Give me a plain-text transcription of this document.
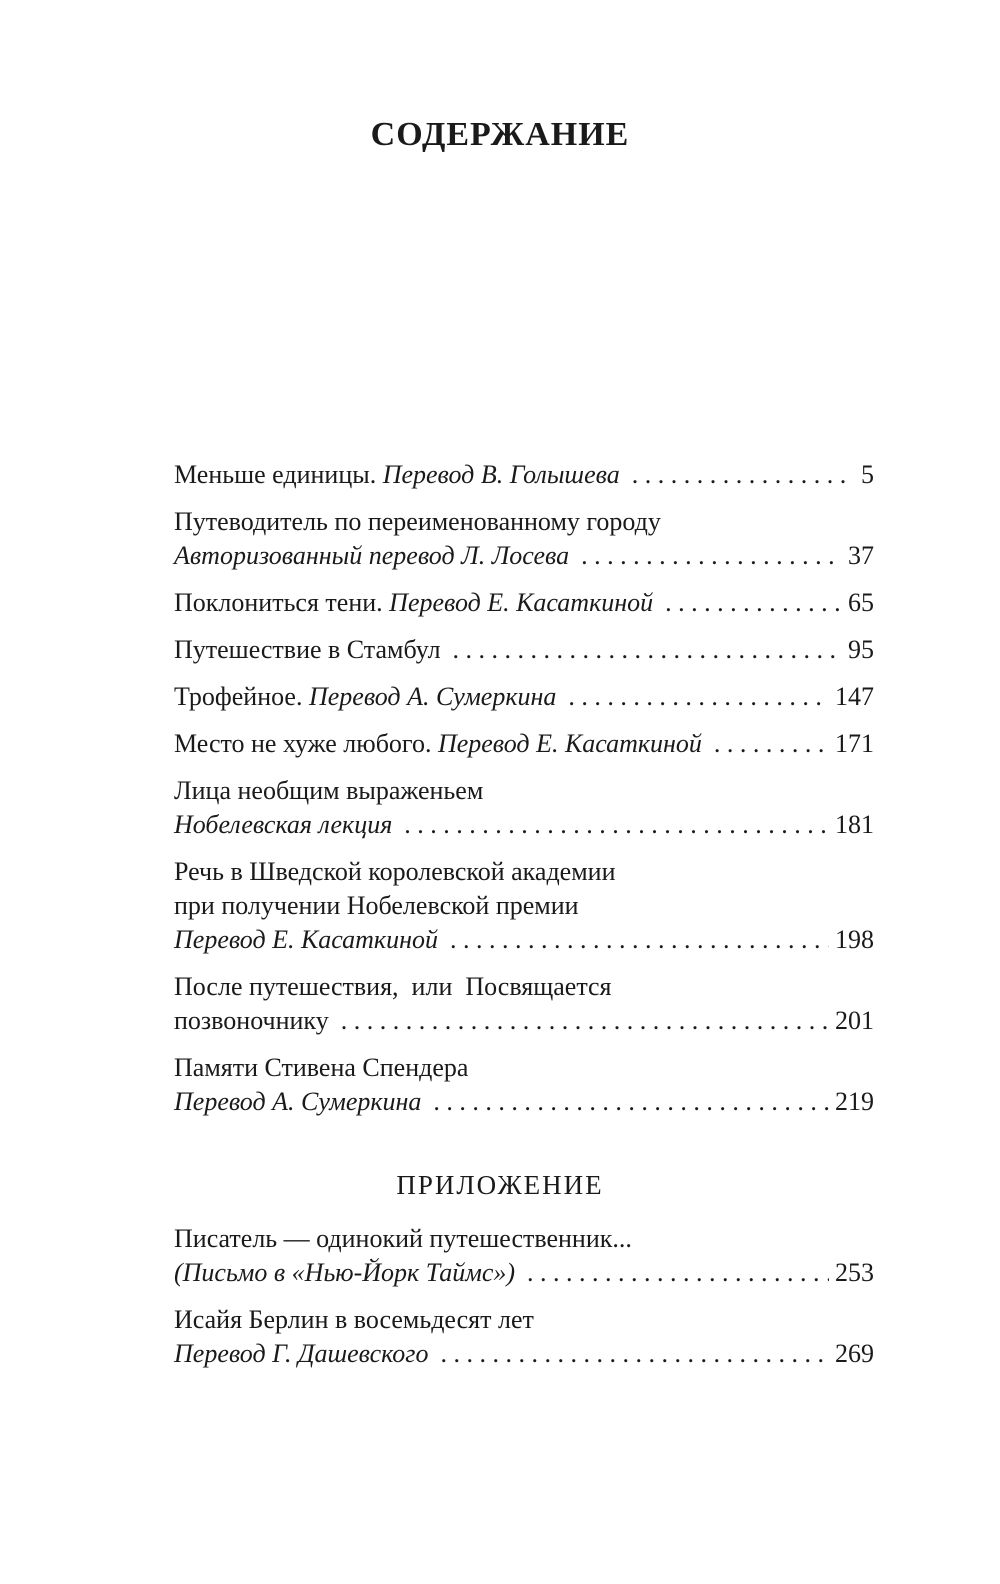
СОДЕРЖАНИЕ
Меньше единицы. Перевод В. Голышева . . .	5
Путеводитель по переименованному городу
Авторизованный перевод Л. Лосева . . .	37
Поклониться тени. Перевод Е. Касаткиной . . .	65
Путешествие в Стамбул . . .	95
Трофейное. Перевод А. Сумеркина . . .	147
Место не хуже любого. Перевод Е. Касаткиной . . .	171
Лица необщим выраженьем
Нобелевская лекция . . .	181
Речь в Шведской королевской академии
при получении Нобелевской премии
Перевод Е. Касаткиной . . .	198
После путешествия,  или  Посвящается
позвоночнику . . .	201
Памяти Стивена Спендера
Перевод А. Сумеркина . . .	219
ПРИЛОЖЕНИЕ
Писатель — одинокий путешественник...
(Письмо в «Нью-Йорк Таймс») . . .	253
Исайя Берлин в восемьдесят лет
Перевод Г. Дашевского . . .	269
